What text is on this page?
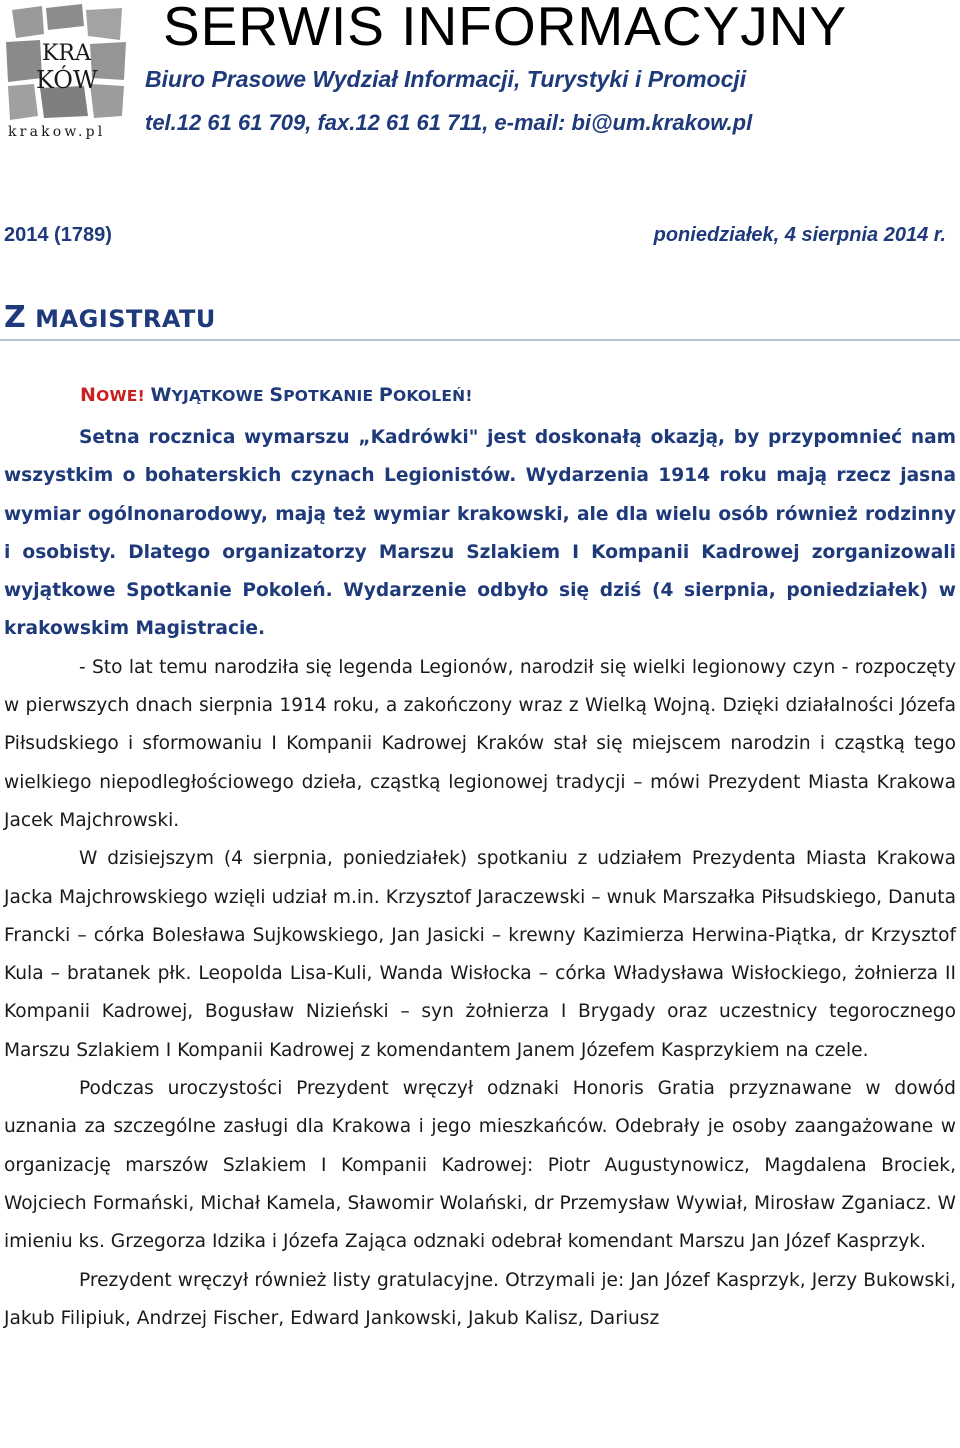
KRA
KÓW
krakow.pl
SERWIS INFORMACYJNY

Biuro Prasowe Wydział Informacji, Turystyki i Promocji

tel.12 61 61 709, fax.12 61 61 711, e-mail: bi@um.krakow.pl

2014 (1789)	poniedziałek, 4 sierpnia 2014 r.
Z MAGISTRATU
NOWE! WYJĄTKOWE SPOTKANIE POKOLEŃ!

Setna rocznica wymarszu „Kadrówki" jest doskonałą okazją, by przypomnieć nam wszystkim o bohaterskich czynach Legionistów. Wydarzenia 1914 roku mają rzecz jasna wymiar ogólnonarodowy, mają też wymiar krakowski, ale dla wielu osób również rodzinny i osobisty. Dlatego organizatorzy Marszu Szlakiem I Kompanii Kadrowej zorganizowali wyjątkowe Spotkanie Pokoleń. Wydarzenie odbyło się dziś (4 sierpnia, poniedziałek) w krakowskim Magistracie.

- Sto lat temu narodziła się legenda Legionów, narodził się wielki legionowy czyn - rozpoczęty w pierwszych dnach sierpnia 1914 roku, a zakończony wraz z Wielką Wojną. Dzięki działalności Józefa Piłsudskiego i sformowaniu I Kompanii Kadrowej Kraków stał się miejscem narodzin i cząstką tego wielkiego niepodległościowego dzieła, cząstką legionowej tradycji – mówi Prezydent Miasta Krakowa Jacek Majchrowski.

W dzisiejszym (4 sierpnia, poniedziałek) spotkaniu z udziałem Prezydenta Miasta Krakowa Jacka Majchrowskiego wzięli udział m.in. Krzysztof Jaraczewski – wnuk Marszałka Piłsudskiego, Danuta Francki – córka Bolesława Sujkowskiego, Jan Jasicki – krewny Kazimierza Herwina-Piątka, dr Krzysztof Kula – bratanek płk. Leopolda Lisa-Kuli, Wanda Wisłocka – córka Władysława Wisłockiego, żołnierza II Kompanii Kadrowej, Bogusław Nizieński – syn żołnierza I Brygady oraz uczestnicy tegorocznego Marszu Szlakiem I Kompanii Kadrowej z komendantem Janem Józefem Kasprzykiem na czele.

Podczas uroczystości Prezydent wręczył odznaki Honoris Gratia przyznawane w dowód uznania za szczególne zasługi dla Krakowa i jego mieszkańców. Odebrały je osoby zaangażowane w organizację marszów Szlakiem I Kompanii Kadrowej: Piotr Augustynowicz, Magdalena Brociek, Wojciech Formański, Michał Kamela, Sławomir Wolański, dr Przemysław Wywiał, Mirosław Zganiacz. W imieniu ks. Grzegorza Idzika i Józefa Zająca odznaki odebrał komendant Marszu Jan Józef Kasprzyk.

Prezydent wręczył również listy gratulacyjne. Otrzymali je: Jan Józef Kasprzyk, Jerzy Bukowski, Jakub Filipiuk, Andrzej Fischer, Edward Jankowski, Jakub Kalisz, Dariusz
